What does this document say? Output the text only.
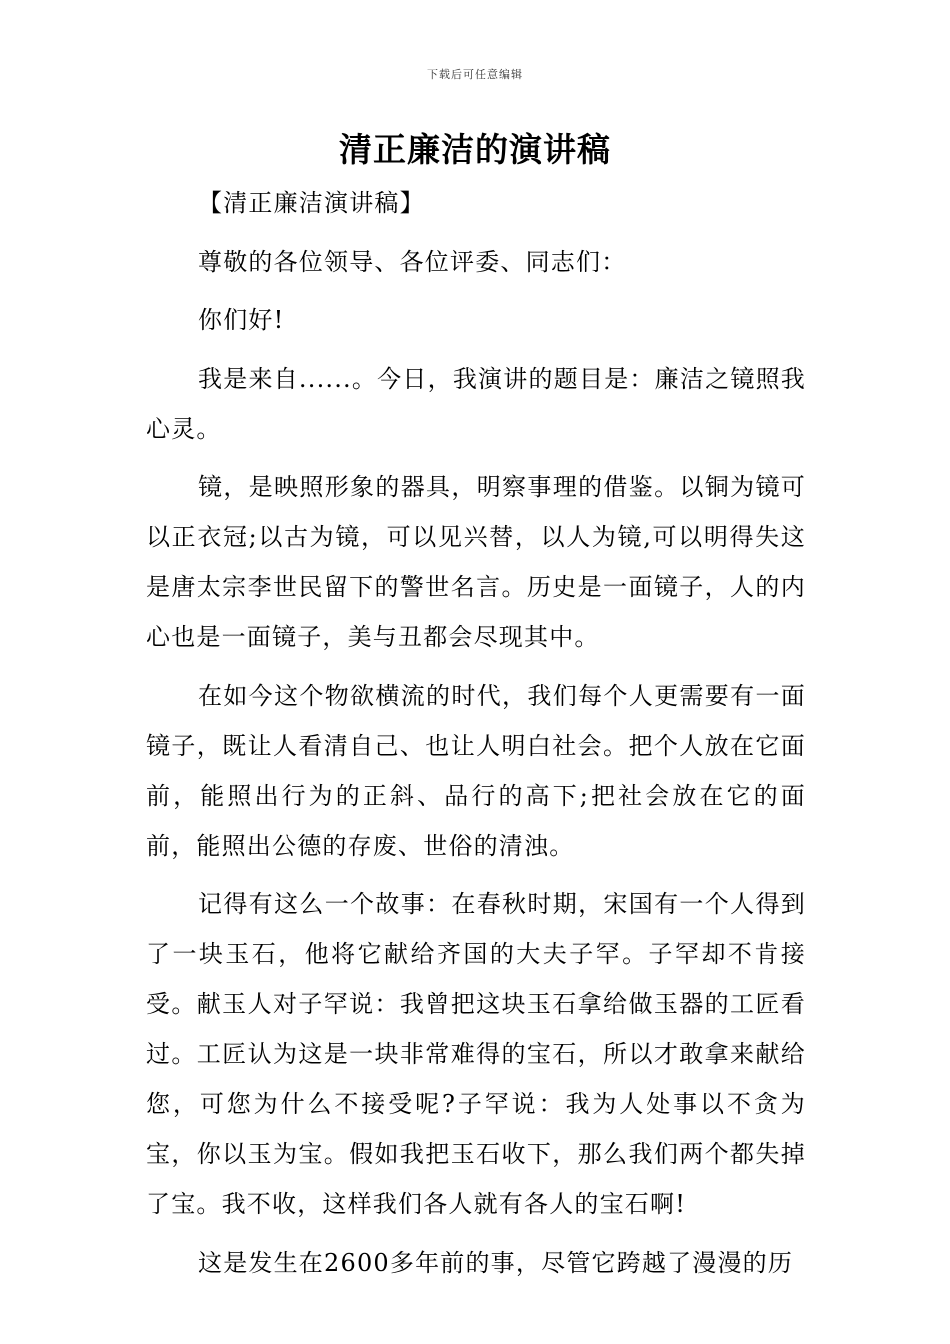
下载后可任意编辑
清正廉洁的演讲稿

【清正廉洁演讲稿】

尊敬的各位领导、各位评委、同志们：

你们好!

我是来自......。今日，我演讲的题目是：廉洁之镜照我心灵。

镜，是映照形象的器具，明察事理的借鉴。以铜为镜可以正衣冠;以古为镜，可以见兴替，以人为镜,可以明得失这是唐太宗李世民留下的警世名言。历史是一面镜子，人的内心也是一面镜子，美与丑都会尽现其中。

在如今这个物欲横流的时代，我们每个人更需要有一面镜子，既让人看清自己、也让人明白社会。把个人放在它面前，能照出行为的正斜、品行的高下;把社会放在它的面前，能照出公德的存废、世俗的清浊。

记得有这么一个故事：在春秋时期，宋国有一个人得到了一块玉石，他将它献给齐国的大夫子罕。子罕却不肯接受。献玉人对子罕说：我曾把这块玉石拿给做玉器的工匠看过。工匠认为这是一块非常难得的宝石，所以才敢拿来献给您，可您为什么不接受呢?子罕说：我为人处事以不贪为宝，你以玉为宝。假如我把玉石收下，那么我们两个都失掉了宝。我不收，这样我们各人就有各人的宝石啊!

这是发生在2600多年前的事，尽管它跨越了漫漫的历
